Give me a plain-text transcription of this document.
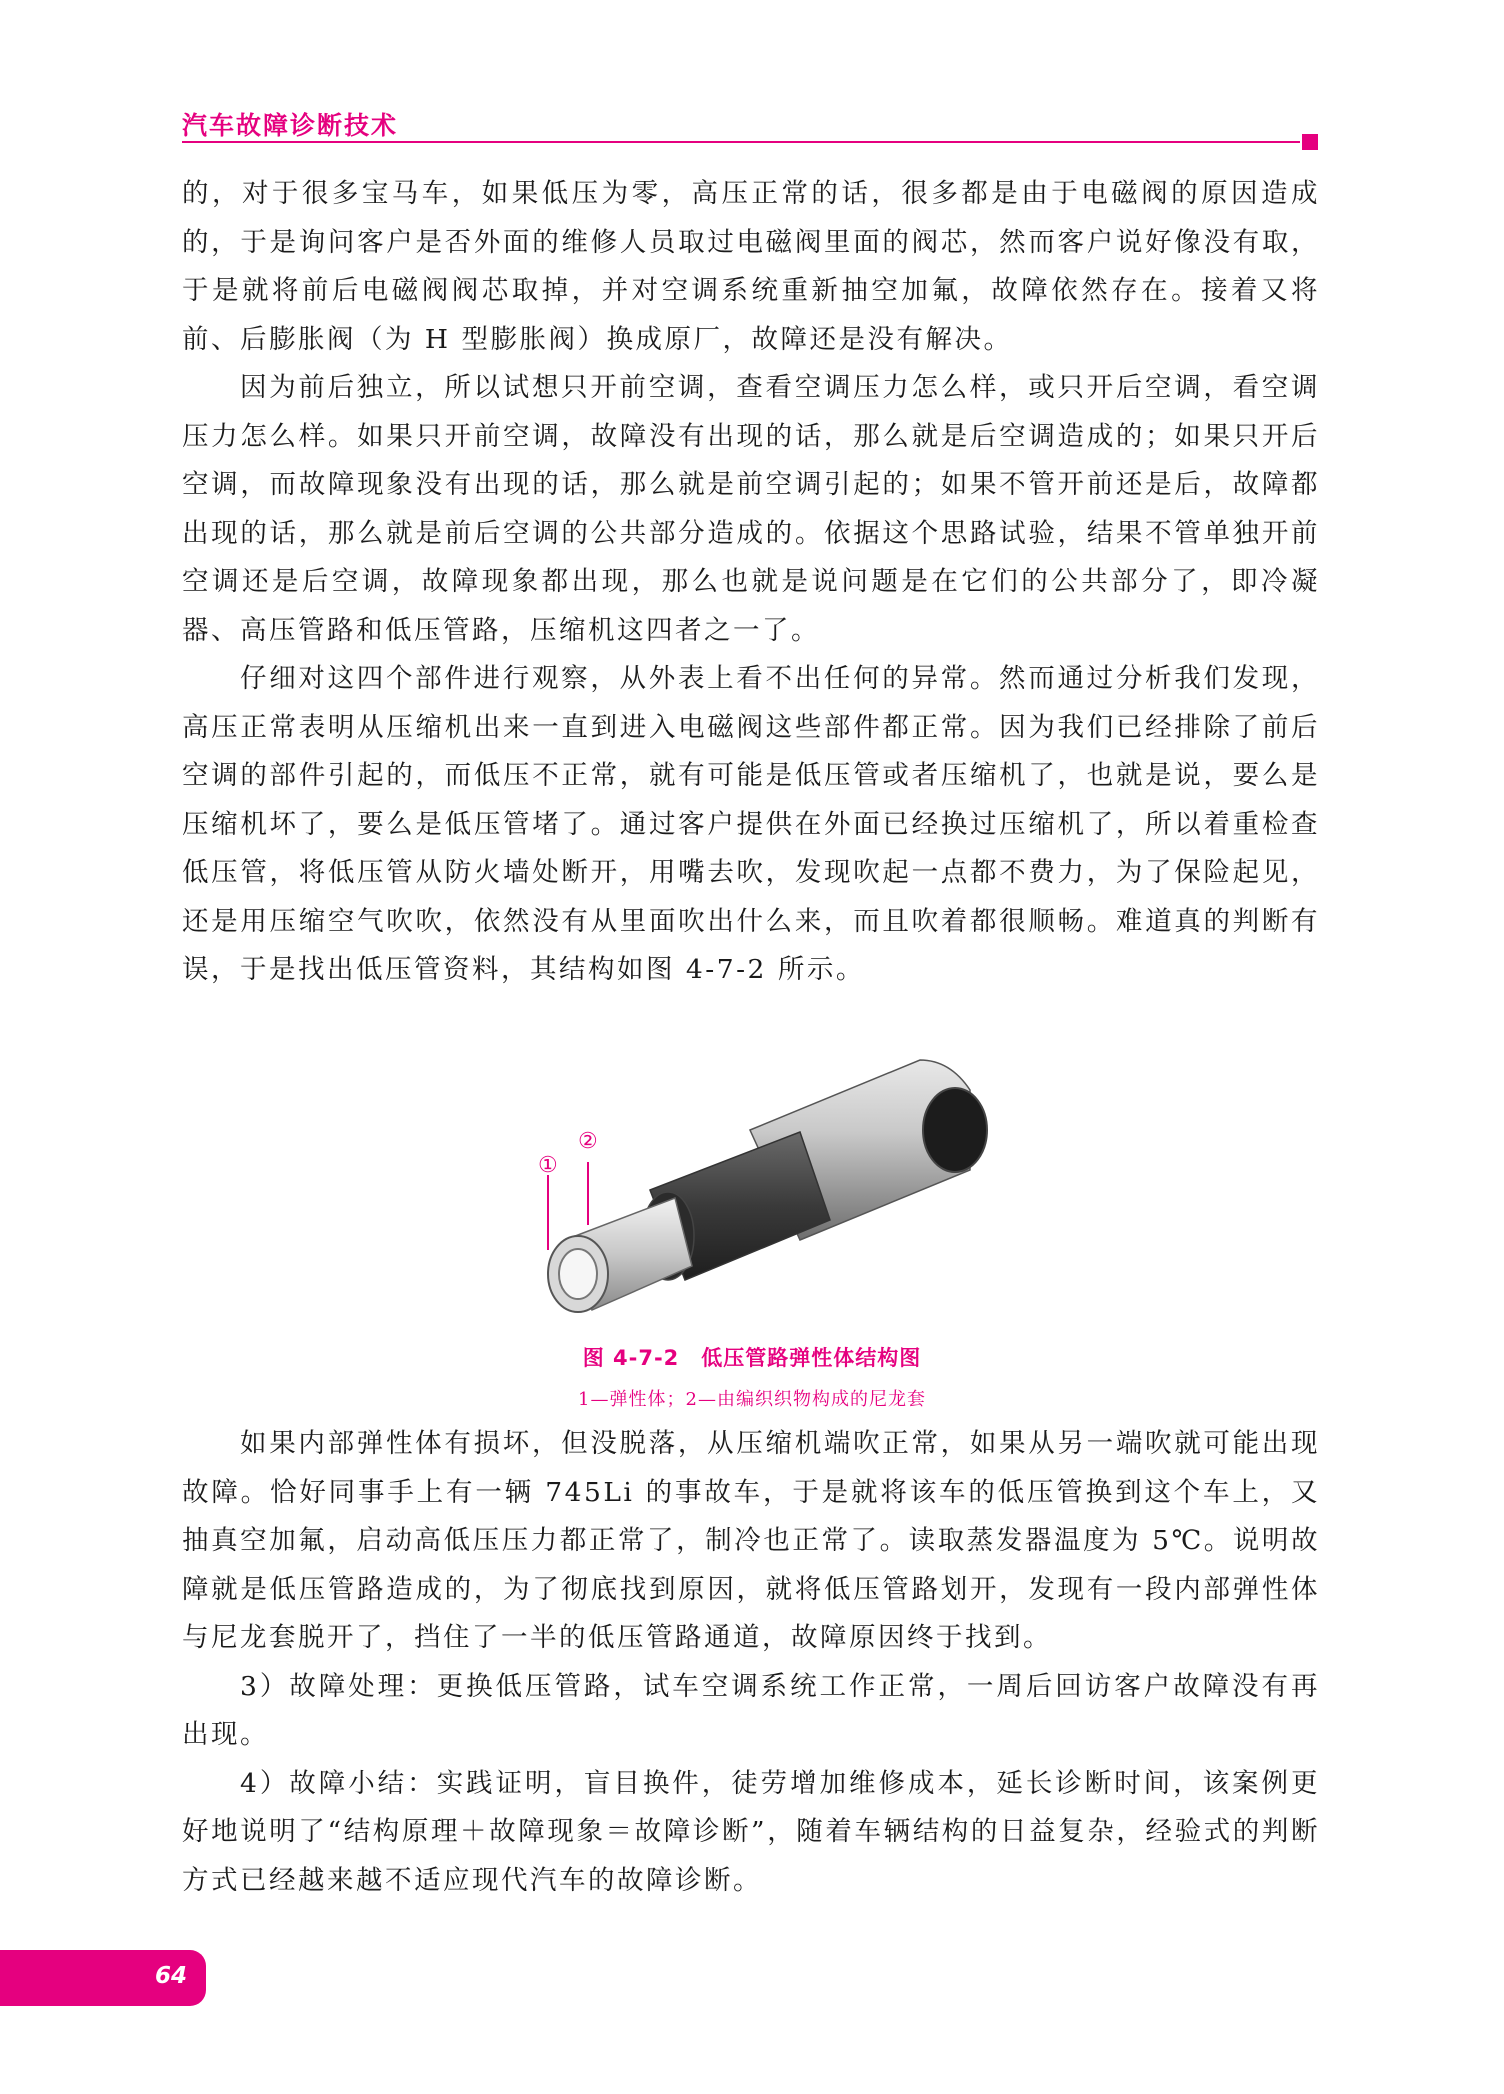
汽车故障诊断技术

的，对于很多宝马车，如果低压为零，高压正常的话，很多都是由于电磁阀的原因造成的，于是询问客户是否外面的维修人员取过电磁阀里面的阀芯，然而客户说好像没有取，于是就将前后电磁阀阀芯取掉，并对空调系统重新抽空加氟，故障依然存在。接着又将前、后膨胀阀（为 H 型膨胀阀）换成原厂，故障还是没有解决。

因为前后独立，所以试想只开前空调，查看空调压力怎么样，或只开后空调，看空调压力怎么样。如果只开前空调，故障没有出现的话，那么就是后空调造成的；如果只开后空调，而故障现象没有出现的话，那么就是前空调引起的；如果不管开前还是后，故障都出现的话，那么就是前后空调的公共部分造成的。依据这个思路试验，结果不管单独开前空调还是后空调，故障现象都出现，那么也就是说问题是在它们的公共部分了，即冷凝器、高压管路和低压管路，压缩机这四者之一了。

仔细对这四个部件进行观察，从外表上看不出任何的异常。然而通过分析我们发现，高压正常表明从压缩机出来一直到进入电磁阀这些部件都正常。因为我们已经排除了前后空调的部件引起的，而低压不正常，就有可能是低压管或者压缩机了，也就是说，要么是压缩机坏了，要么是低压管堵了。通过客户提供在外面已经换过压缩机了，所以着重检查低压管，将低压管从防火墙处断开，用嘴去吹，发现吹起一点都不费力，为了保险起见，还是用压缩空气吹吹，依然没有从里面吹出什么来，而且吹着都很顺畅。难道真的判断有误，于是找出低压管资料，其结构如图 4-7-2 所示。

①
②
图 4-7-2　低压管路弹性体结构图
1—弹性体；2—由编织织物构成的尼龙套

如果内部弹性体有损坏，但没脱落，从压缩机端吹正常，如果从另一端吹就可能出现故障。恰好同事手上有一辆 745Li 的事故车，于是就将该车的低压管换到这个车上，又抽真空加氟，启动高低压压力都正常了，制冷也正常了。读取蒸发器温度为 5℃。说明故障就是低压管路造成的，为了彻底找到原因，就将低压管路划开，发现有一段内部弹性体与尼龙套脱开了，挡住了一半的低压管路通道，故障原因终于找到。

3）故障处理：更换低压管路，试车空调系统工作正常，一周后回访客户故障没有再出现。

4）故障小结：实践证明，盲目换件，徒劳增加维修成本，延长诊断时间，该案例更好地说明了“结构原理＋故障现象＝故障诊断”，随着车辆结构的日益复杂，经验式的判断方式已经越来越不适应现代汽车的故障诊断。

64
